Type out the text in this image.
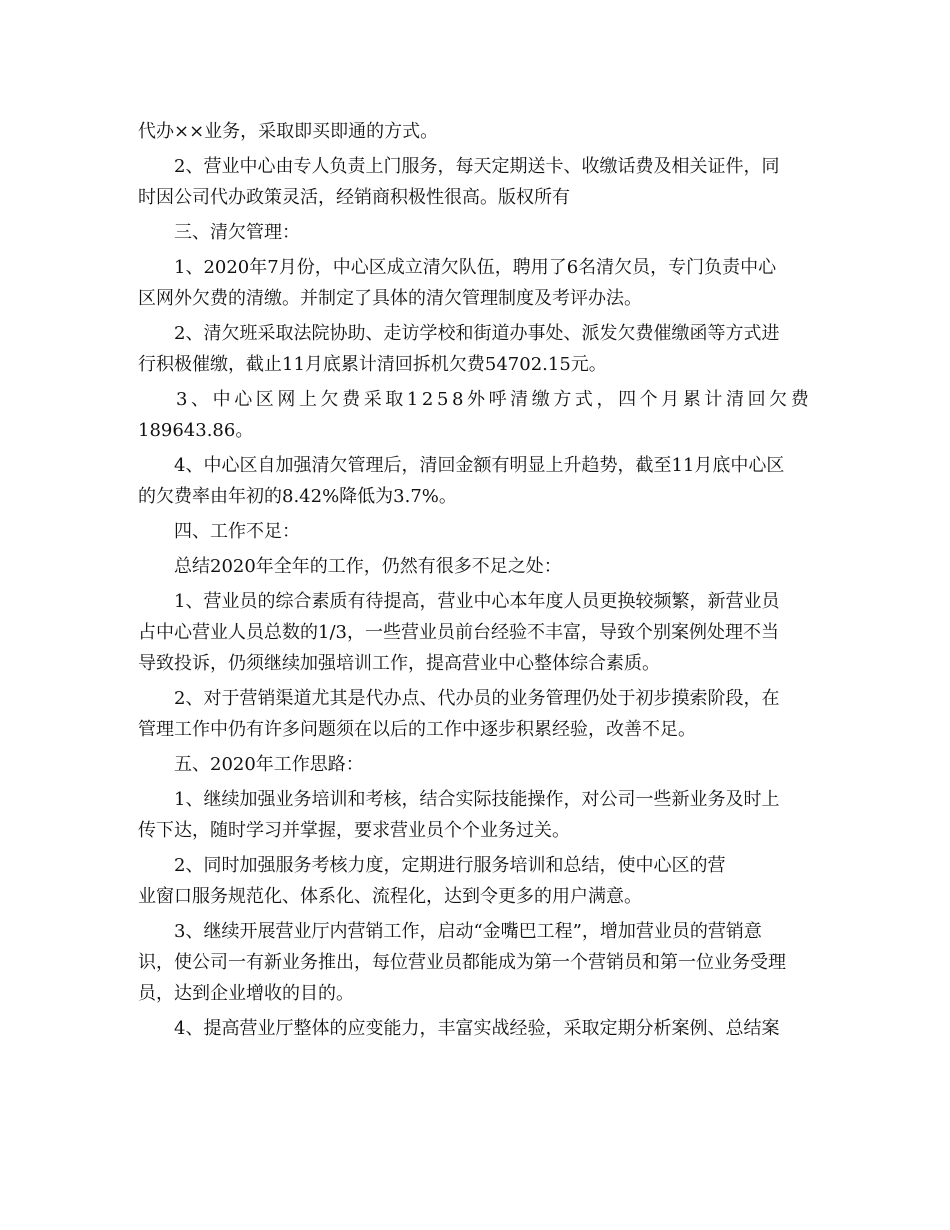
代办××业务，采取即买即通的方式。
2、营业中心由专人负责上门服务，每天定期送卡、收缴话费及相关证件，同
时因公司代办政策灵活，经销商积极性很高。版权所有
三、清欠管理：
1、2020年7月份，中心区成立清欠队伍，聘用了6名清欠员，专门负责中心
区网外欠费的清缴。并制定了具体的清欠管理制度及考评办法。
2、清欠班采取法院协助、走访学校和街道办事处、派发欠费催缴函等方式进
行积极催缴，截止11月底累计清回拆机欠费54702.15元。
3、中心区网上欠费采取1258外呼清缴方式，四个月累计清回欠费
189643.86。
4、中心区自加强清欠管理后，清回金额有明显上升趋势，截至11月底中心区
的欠费率由年初的8.42%降低为3.7%。
四、工作不足：
总结2020年全年的工作，仍然有很多不足之处：
1、营业员的综合素质有待提高，营业中心本年度人员更换较频繁，新营业员
占中心营业人员总数的1/3，一些营业员前台经验不丰富，导致个别案例处理不当
导致投诉，仍须继续加强培训工作，提高营业中心整体综合素质。
2、对于营销渠道尤其是代办点、代办员的业务管理仍处于初步摸索阶段，在
管理工作中仍有许多问题须在以后的工作中逐步积累经验，改善不足。
五、2020年工作思路：
1、继续加强业务培训和考核，结合实际技能操作，对公司一些新业务及时上
传下达，随时学习并掌握，要求营业员个个业务过关。
2、同时加强服务考核力度，定期进行服务培训和总结，使中心区的营
业窗口服务规范化、体系化、流程化，达到令更多的用户满意。
3、继续开展营业厅内营销工作，启动“金嘴巴工程”，增加营业员的营销意
识，使公司一有新业务推出，每位营业员都能成为第一个营销员和第一位业务受理
员，达到企业增收的目的。
4、提高营业厅整体的应变能力，丰富实战经验，采取定期分析案例、总结案
